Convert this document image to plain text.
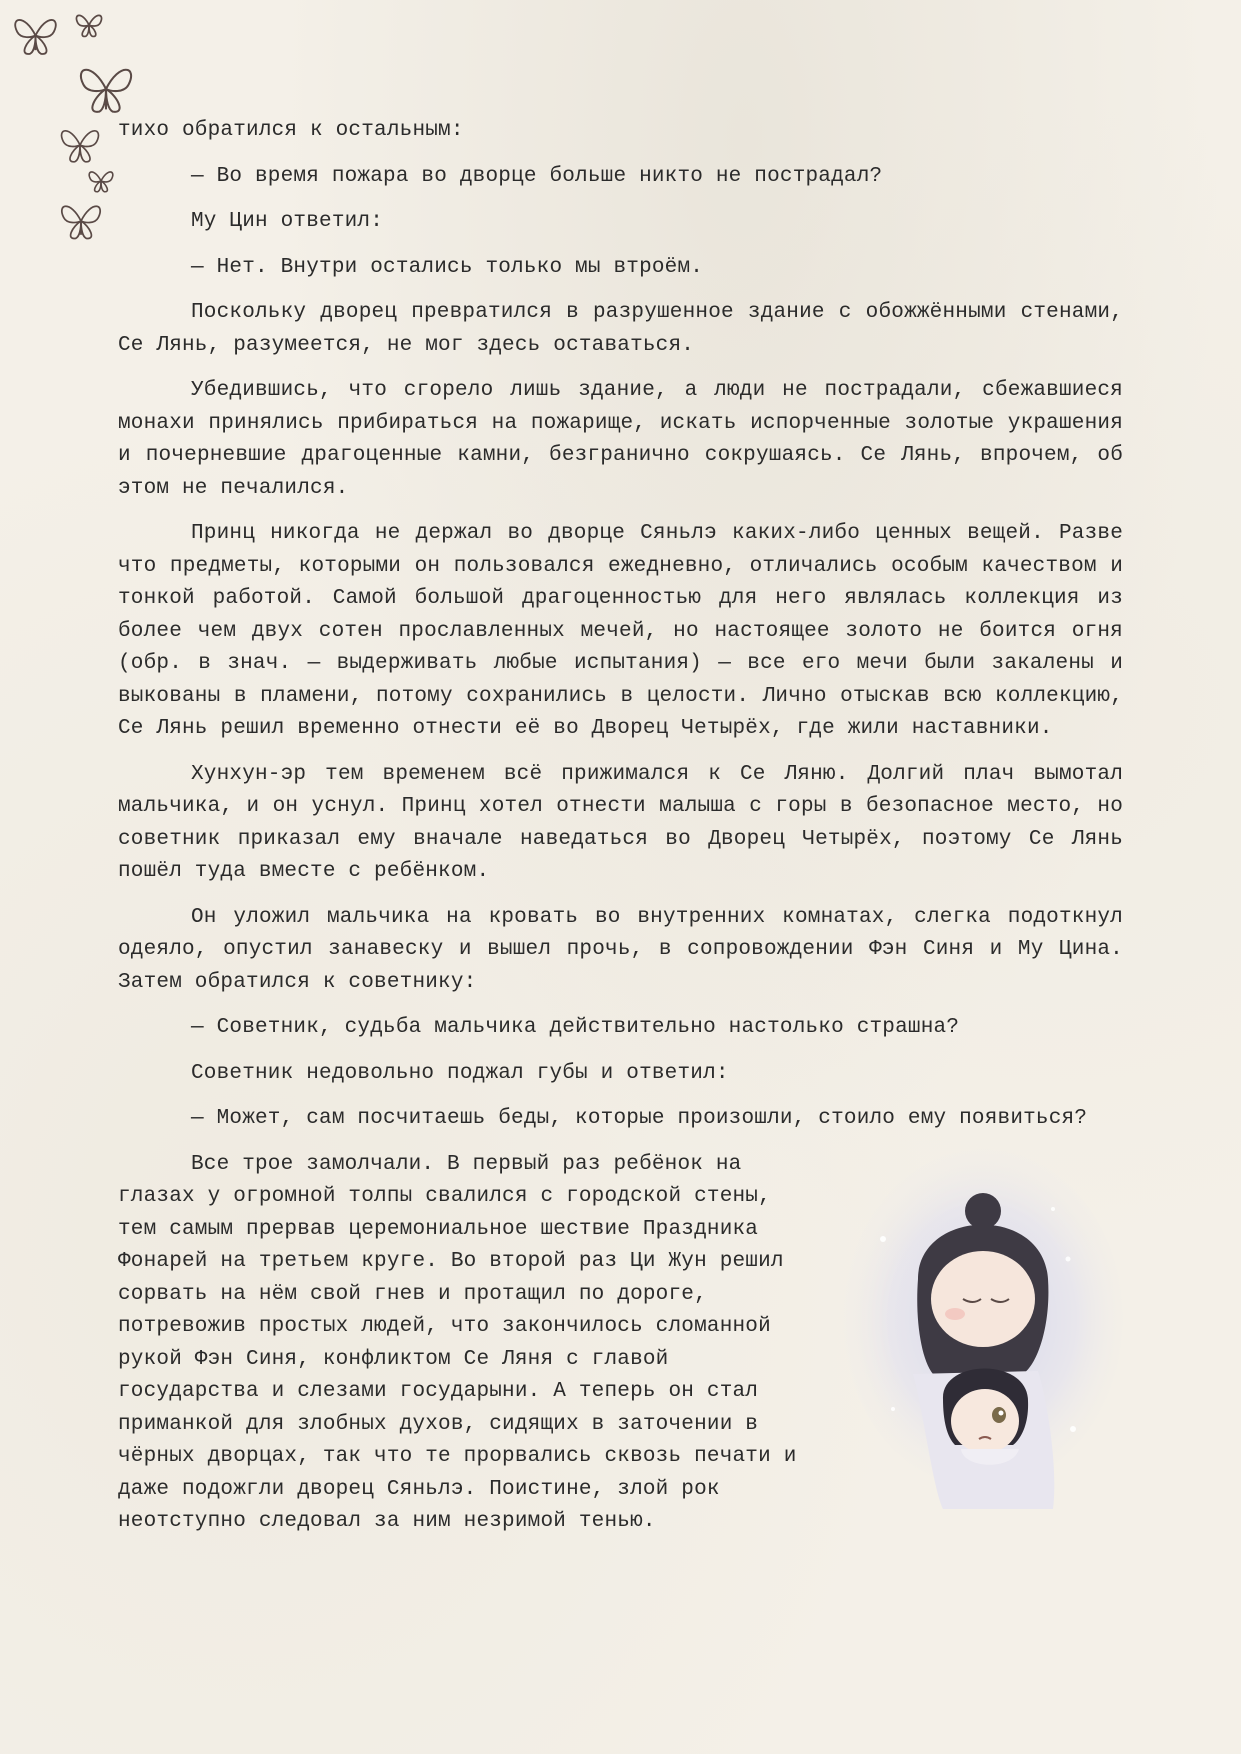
тихо обратился к остальным:

— Во время пожара во дворце больше никто не пострадал?

Му Цин ответил:

— Нет. Внутри остались только мы втроём.

Поскольку дворец превратился в разрушенное здание с обожжёнными стенами, Се Лянь, разумеется, не мог здесь оставаться.

Убедившись, что сгорело лишь здание, а люди не пострадали, сбежавшиеся монахи принялись прибираться на пожарище, искать испорченные золотые украшения и почерневшие драгоценные камни, безгранично сокрушаясь. Се Лянь, впрочем, об этом не печалился.

Принц никогда не держал во дворце Сяньлэ каких-либо ценных вещей. Разве что предметы, которыми он пользовался ежедневно, отличались особым качеством и тонкой работой. Самой большой драгоценностью для него являлась коллекция из более чем двух сотен прославленных мечей, но настоящее золото не боится огня (обр. в знач. — выдерживать любые испытания) — все его мечи были закалены и выкованы в пламени, потому сохранились в целости. Лично отыскав всю коллекцию, Се Лянь решил временно отнести её во Дворец Четырёх, где жили наставники.

Хунхун-эр тем временем всё прижимался к Се Ляню. Долгий плач вымотал мальчика, и он уснул. Принц хотел отнести малыша с горы в безопасное место, но советник приказал ему вначале наведаться во Дворец Четырёх, поэтому Се Лянь пошёл туда вместе с ребёнком.

Он уложил мальчика на кровать во внутренних комнатах, слегка подоткнул одеяло, опустил занавеску и вышел прочь, в сопровождении Фэн Синя и Му Цина. Затем обратился к советнику:

— Советник, судьба мальчика действительно настолько страшна?

Советник недовольно поджал губы и ответил:

— Может, сам посчитаешь беды, которые произошли, стоило ему появиться?

Все трое замолчали. В первый раз ребёнок на глазах у огромной толпы свалился с городской стены, тем самым прервав церемониальное шествие Праздника Фонарей на третьем круге. Во второй раз Ци Жун решил сорвать на нём свой гнев и протащил по дороге, потревожив простых людей, что закончилось сломанной рукой Фэн Синя, конфликтом Се Ляня с главой государства и слезами государыни. А теперь он стал приманкой для злобных духов, сидящих в заточении в чёрных дворцах, так что те прорвались сквозь печати и даже подожгли дворец Сяньлэ. Поистине, злой рок неотступно следовал за ним незримой тенью.
